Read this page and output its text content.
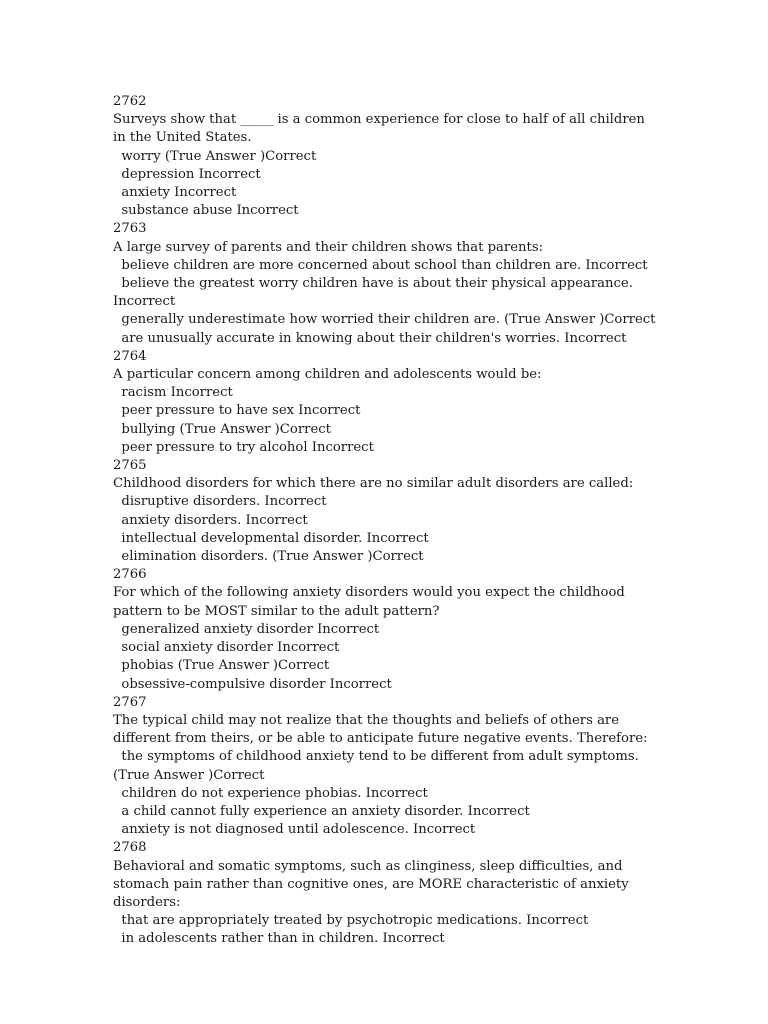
2762

Surveys show that _____ is a common experience for close to half of all children in the United States.

worry (True Answer )Correct

depression Incorrect

anxiety Incorrect

substance abuse Incorrect

2763

A large survey of parents and their children shows that parents:

believe children are more concerned about school than children are. Incorrect

believe the greatest worry children have is about their physical appearance. Incorrect

generally underestimate how worried their children are. (True Answer )Correct

are unusually accurate in knowing about their children's worries. Incorrect

2764

A particular concern among children and adolescents would be:

racism Incorrect

peer pressure to have sex Incorrect

bullying (True Answer )Correct

peer pressure to try alcohol Incorrect

2765

Childhood disorders for which there are no similar adult disorders are called:

disruptive disorders. Incorrect

anxiety disorders. Incorrect

intellectual developmental disorder. Incorrect

elimination disorders. (True Answer )Correct

2766

For which of the following anxiety disorders would you expect the childhood pattern to be MOST similar to the adult pattern?

generalized anxiety disorder Incorrect

social anxiety disorder Incorrect

phobias (True Answer )Correct

obsessive-compulsive disorder Incorrect

2767

The typical child may not realize that the thoughts and beliefs of others are different from theirs, or be able to anticipate future negative events. Therefore:

the symptoms of childhood anxiety tend to be different from adult symptoms. (True Answer )Correct

children do not experience phobias. Incorrect

a child cannot fully experience an anxiety disorder. Incorrect

anxiety is not diagnosed until adolescence. Incorrect

2768

Behavioral and somatic symptoms, such as clinginess, sleep difficulties, and stomach pain rather than cognitive ones, are MORE characteristic of anxiety disorders:

that are appropriately treated by psychotropic medications. Incorrect

in adolescents rather than in children. Incorrect
